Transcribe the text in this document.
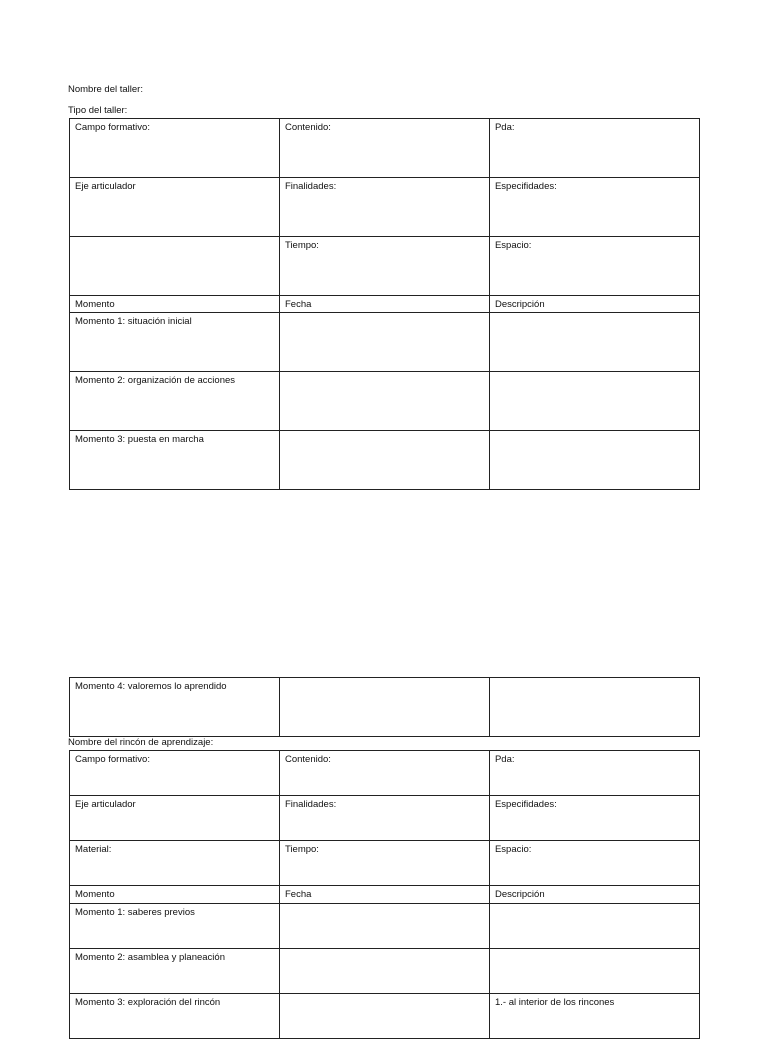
Nombre del taller:

Tipo del taller:

Campo formativo:	Contenido:	Pda:
Eje articulador	Finalidades:	Especifidades:
	Tiempo:	Espacio:
Momento	Fecha	Descripción
Momento 1: situación inicial		
Momento 2: organización de acciones		
Momento 3: puesta en marcha		
Momento 4: valoremos lo aprendido		

Nombre del rincón de aprendizaje:

Campo formativo:	Contenido:	Pda:
Eje articulador	Finalidades:	Especifidades:
Material:	Tiempo:	Espacio:
Momento	Fecha	Descripción
Momento 1: saberes previos		
Momento 2: asamblea y planeación		
Momento 3: exploración del rincón		1.- al interior de los rincones
